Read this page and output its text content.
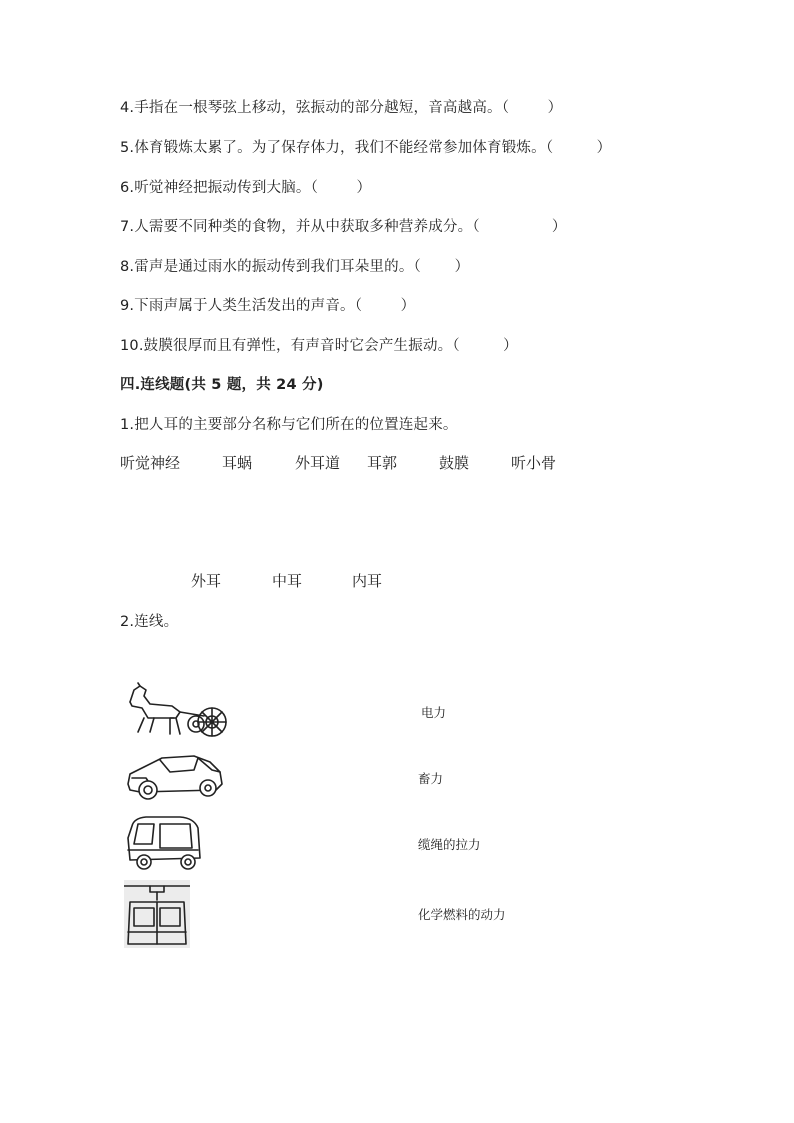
4.手指在一根琴弦上移动，弦振动的部分越短，音高越高。（        ）
5.体育锻炼太累了。为了保存体力，我们不能经常参加体育锻炼。（         ）
6.听觉神经把振动传到大脑。（        ）
7.人需要不同种类的食物，并从中获取多种营养成分。（               ）
8.雷声是通过雨水的振动传到我们耳朵里的。（       ）
9.下雨声属于人类生活发出的声音。（        ）
10.鼓膜很厚而且有弹性，有声音时它会产生振动。（         ）
四.连线题(共 5 题，共 24 分)
1.把人耳的主要部分名称与它们所在的位置连起来。
听觉神经	耳蜗	外耳道 耳郭	鼓膜	听小骨
外耳	中耳	内耳
2.连线。
电力
畜力
缆绳的拉力
化学燃料的动力
